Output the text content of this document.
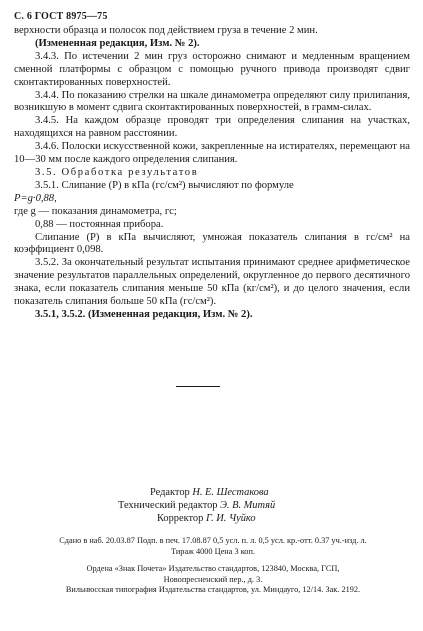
С. 6 ГОСТ 8975—75

верхности образца и полосок под действием груза в течение 2 мин.

(Измененная редакция, Изм. № 2).

3.4.3. По истечении 2 мин груз осторожно снимают и медленным вращением сменной платформы с образцом с помощью ручного привода производят сдвиг сконтактированных поверхностей.

3.4.4. По показанию стрелки на шкале динамометра определяют силу прилипания, возникшую в момент сдвига сконтактированных поверхностей, в грамм-силах.

3.4.5. На каждом образце проводят три определения слипания на участках, находящихся на равном расстоянии.

3.4.6. Полоски искусственной кожи, закрепленные на истирателях, перемещают на 10—30 мм после каждого определения слипания.

3.5. Обработка результатов

3.5.1. Слипание (P) в кПа (гс/см²) вычисляют по формуле

P=g·0,88,

где g — показания динамометра, гс;

0,88 — постоянная прибора.

Слипание (P) в кПа вычисляют, умножая показатель слипания в гс/см² на коэффициент 0,098.

3.5.2. За окончательный результат испытания принимают среднее арифметическое значение результатов параллельных определений, округленное до первого десятичного знака, если показатель слипания меньше 50 кПа (кг/см²), и до целого значения, если показатель слипания больше 50 кПа (гс/см²).

3.5.1, 3.5.2. (Измененная редакция, Изм. № 2).

Редактор Н. Е. Шестакова
Технический редактор Э. В. Митяй
Корректор Г. И. Чуйко
Сдано в наб. 20.03.87 Подп. в печ. 17.08.87 0,5 усл. п. л. 0,5 усл. кр.-отт. 0.37 уч.-изд. л.
Тираж 4000 Цена 3 коп.
Ордена «Знак Почета» Издательство стандартов, 123840, Москва, ГСП,
Новопресненский пер., д. 3.
Вильнюсская типография Издательства стандартов, ул. Миндауго, 12/14. Зак. 2192.
